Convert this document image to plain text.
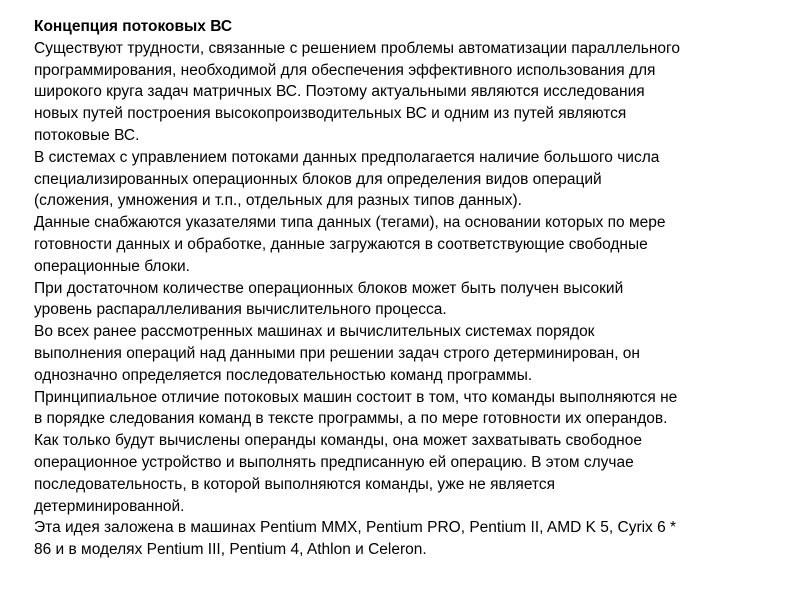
Концепция потоковых ВС

Существуют трудности, связанные с решением проблемы автоматизации параллельного
программирования, необходимой для обеспечения эффективного использования для
широкого круга задач матричных ВС. Поэтому актуальными являются исследования
новых путей построения высокопроизводительных ВС и одним из путей являются
потоковые ВС.

В системах с управлением потоками данных предполагается наличие большого числа
специализированных операционных блоков для определения видов операций
(сложения, умножения и т.п., отдельных для разных типов данных).

Данные снабжаются указателями типа данных (тегами), на основании которых по мере
готовности данных и обработке, данные загружаются в соответствующие свободные
операционные блоки.

При достаточном количестве операционных блоков может быть получен высокий
уровень распараллеливания вычислительного процесса.

Во всех ранее рассмотренных машинах и вычислительных системах порядок
выполнения операций над данными при решении задач строго детерминирован, он
однозначно определяется последовательностью команд программы.

Принципиальное отличие потоковых машин состоит в том, что команды выполняются не
в порядке следования команд в тексте программы, а по мере готовности их операндов.

Как только будут вычислены операнды команды, она может захватывать свободное
операционное устройство и выполнять предписанную ей операцию. В этом случае
последовательность, в которой выполняются команды, уже не является
детерминированной.

Эта идея заложена в машинах Pentium MMX, Pentium PRO, Pentium II, AMD K 5, Cyrix 6 *
86 и в моделях Pentium III, Pentium 4, Athlon и Celeron.
